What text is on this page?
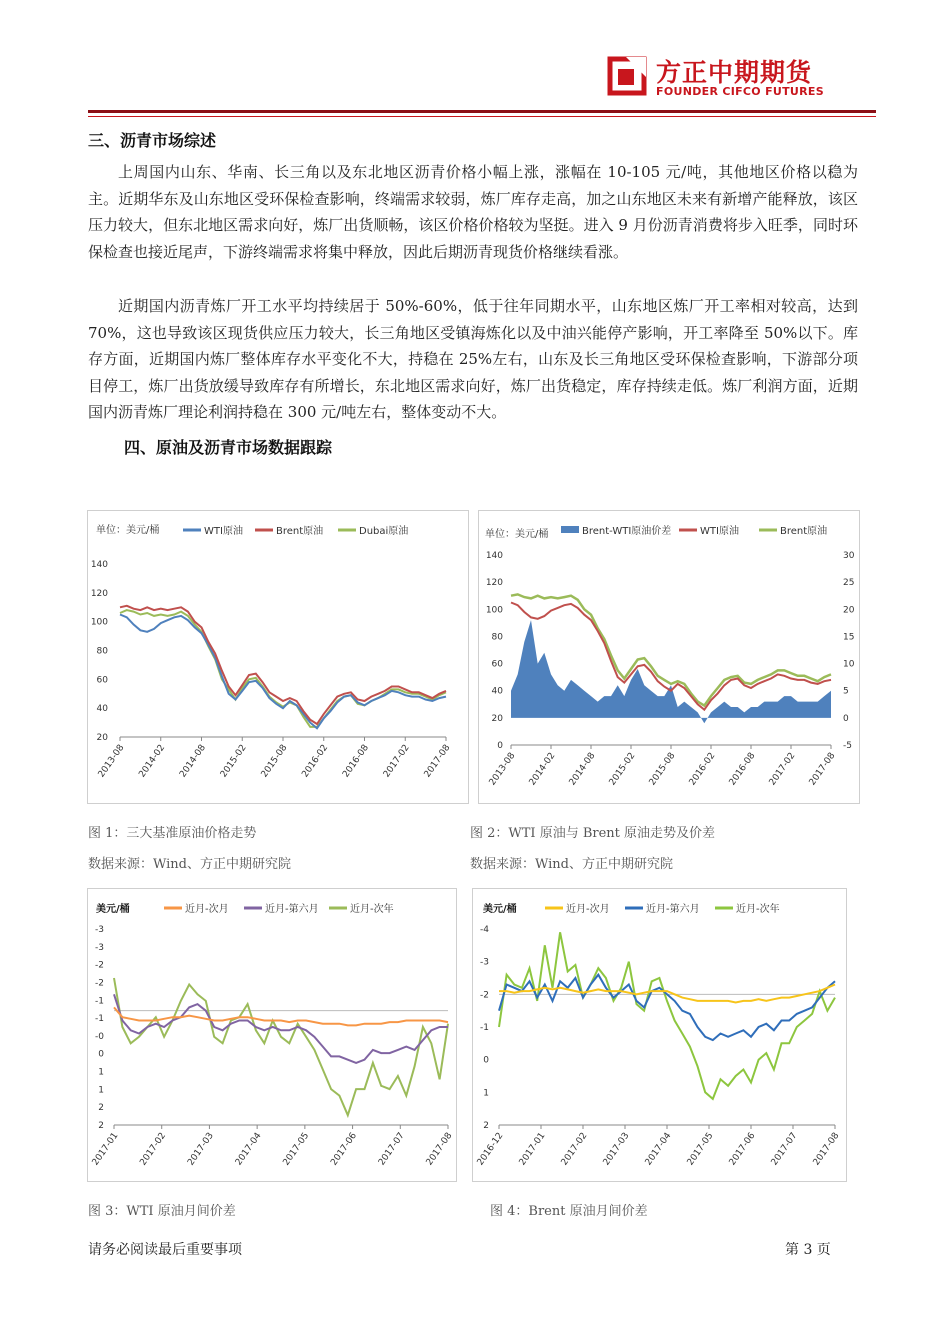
方正中期期货
FOUNDER CIFCO FUTURES
三、沥青市场综述
上周国内山东、华南、长三角以及东北地区沥青价格小幅上涨，涨幅在 10-105 元/吨，其他地区价格以稳为主。近期华东及山东地区受环保检查影响，终端需求较弱，炼厂库存走高，加之山东地区未来有新增产能释放，该区压力较大，但东北地区需求向好，炼厂出货顺畅，该区价格价格较为坚挺。进入 9 月份沥青消费将步入旺季，同时环保检查也接近尾声，下游终端需求将集中释放，因此后期沥青现货价格继续看涨。
近期国内沥青炼厂开工水平均持续居于 50%-60%，低于往年同期水平，山东地区炼厂开工率相对较高，达到 70%，这也导致该区现货供应压力较大，长三角地区受镇海炼化以及中油兴能停产影响，开工率降至 50%以下。库存方面，近期国内炼厂整体库存水平变化不大，持稳在 25%左右，山东及长三角地区受环保检查影响，下游部分项目停工，炼厂出货放缓导致库存有所增长，东北地区需求向好，炼厂出货稳定，库存持续走低。炼厂利润方面，近期国内沥青炼厂理论利润持稳在 300 元/吨左右，整体变动不大。
四、原油及沥青市场数据跟踪
单位：美元/桶	WTI原油	Brent原油	Dubai原油
20
40
60
80
100
120
140
2013-08 2014-02 2014-08 2015-02 2015-08 2016-02 2016-08 2017-02 2017-08
单位：美元/桶	Brent-WTI原油价差	WTI原油	Brent原油
0
20
40
60
80
100
120
140
-5
0
5
10
15
20
25
30
2013-08 2014-02 2014-08 2015-02 2015-08 2016-02 2016-08 2017-02 2017-08
图 1：三大基准原油价格走势	图 2：WTI 原油与 Brent 原油走势及价差
数据来源：Wind、方正中期研究院	数据来源：Wind、方正中期研究院
美元/桶	近月-次月	近月-第六月	近月-次年
2
2
1
1
0
-0
-1
-1
-2
-2
-3
-3
2017-01 2017-02 2017-03 2017-04 2017-05 2017-06 2017-07 2017-08
美元/桶	近月-次月	近月-第六月	近月-次年
2
1
0
-1
-2
-3
-4
2016-12 2017-01 2017-02 2017-03 2017-04 2017-05 2017-06 2017-07 2017-08
图 3：WTI 原油月间价差	图 4：Brent 原油月间价差
请务必阅读最后重要事项	第 3 页
